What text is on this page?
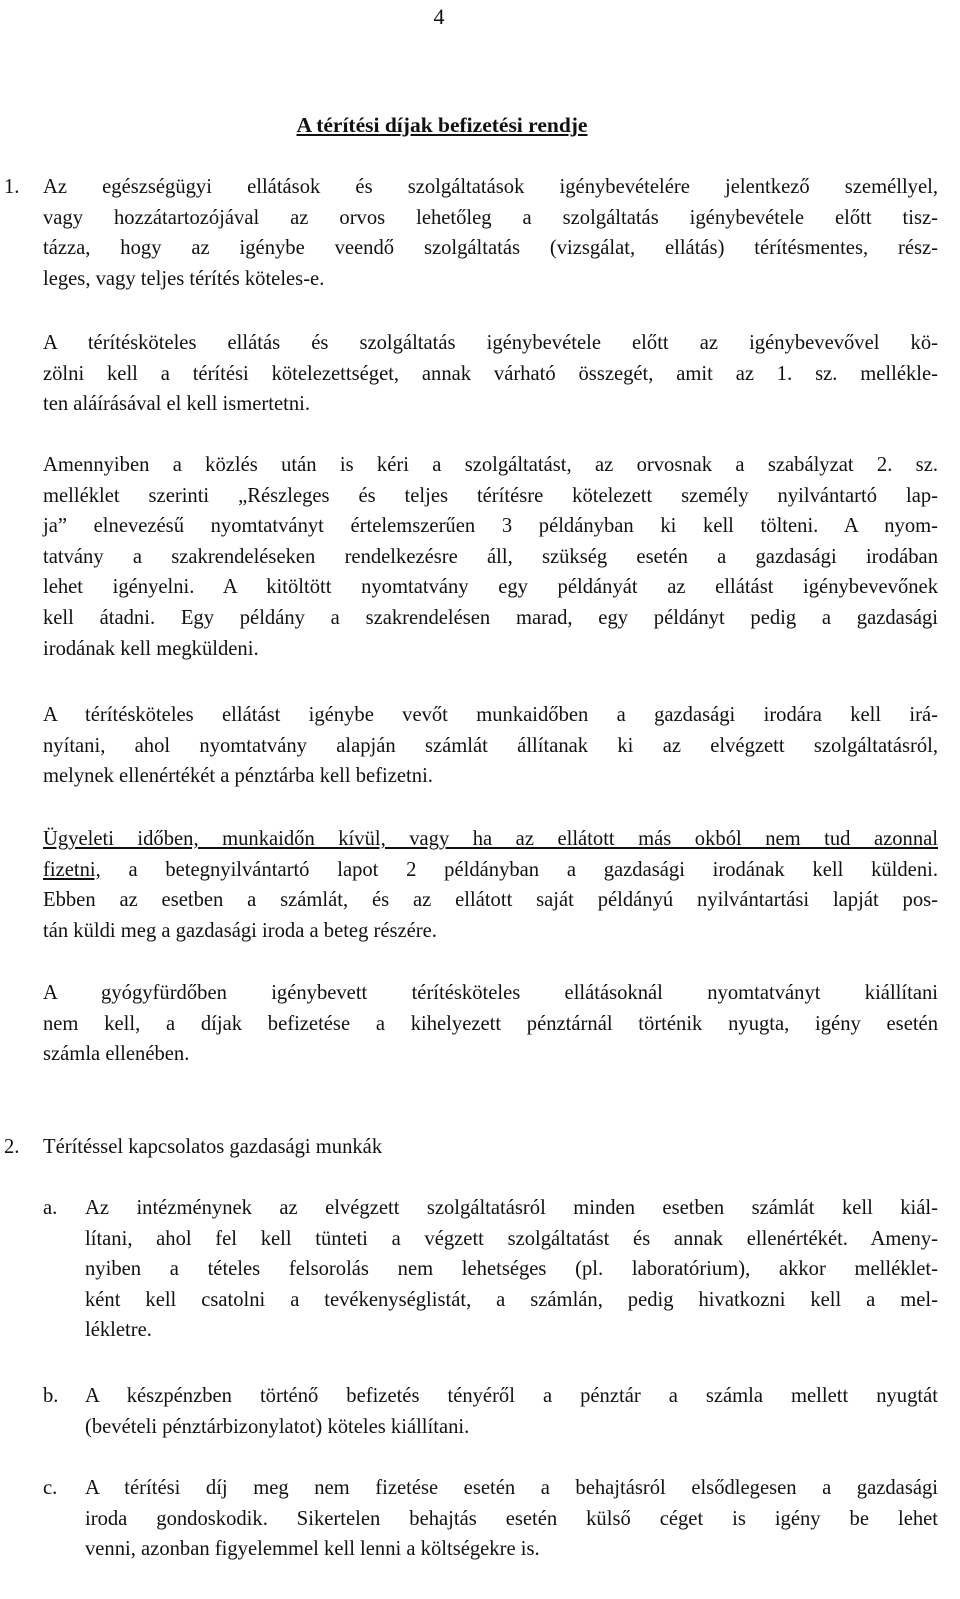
4
A térítési díjak befizetési rendje
1. Az egészségügyi ellátások és szolgáltatások igénybevételére jelentkező személlyel,
vagy hozzátartozójával az orvos lehetőleg a szolgáltatás igénybevétele előtt tisz-
tázza, hogy az igénybe veendő szolgáltatás (vizsgálat, ellátás) térítésmentes, rész-
leges, vagy teljes térítés köteles-e.
A térítésköteles ellátás és szolgáltatás igénybevétele előtt az igénybevevővel kö-
zölni kell a térítési kötelezettséget, annak várható összegét, amit az 1. sz. mellékle-
ten aláírásával el kell ismertetni.
Amennyiben a közlés után is kéri a szolgáltatást, az orvosnak a szabályzat 2. sz.
melléklet szerinti „Részleges és teljes térítésre kötelezett személy nyilvántartó lap-
ja” elnevezésű nyomtatványt értelemszerűen 3 példányban ki kell tölteni. A nyom-
tatvány a szakrendeléseken rendelkezésre áll, szükség esetén a gazdasági irodában
lehet igényelni. A kitöltött nyomtatvány egy példányát az ellátást igénybevevőnek
kell átadni. Egy példány a szakrendelésen marad, egy példányt pedig a gazdasági
irodának kell megküldeni.
A térítésköteles ellátást igénybe vevőt munkaidőben a gazdasági irodára kell irá-
nyítani, ahol nyomtatvány alapján számlát állítanak ki az elvégzett szolgáltatásról,
melynek ellenértékét a pénztárba kell befizetni.
Ügyeleti időben, munkaidőn kívül, vagy ha az ellátott más okból nem tud azonnal
fizetni, a betegnyilvántartó lapot 2 példányban a gazdasági irodának kell küldeni.
Ebben az esetben a számlát, és az ellátott saját példányú nyilvántartási lapját pos-
tán küldi meg a gazdasági iroda a beteg részére.
A gyógyfürdőben igénybevett térítésköteles ellátásoknál nyomtatványt kiállítani
nem kell, a díjak befizetése a kihelyezett pénztárnál történik nyugta, igény esetén
számla ellenében.
2. Térítéssel kapcsolatos gazdasági munkák
a. Az intézménynek az elvégzett szolgáltatásról minden esetben számlát kell kiál-
lítani, ahol fel kell tünteti a végzett szolgáltatást és annak ellenértékét. Ameny-
nyiben a tételes felsorolás nem lehetséges (pl. laboratórium), akkor melléklet-
ként kell csatolni a tevékenységlistát, a számlán, pedig hivatkozni kell a mel-
lékletre.
b. A készpénzben történő befizetés tényéről a pénztár a számla mellett nyugtát
(bevételi pénztárbizonylatot) köteles kiállítani.
c. A térítési díj meg nem fizetése esetén a behajtásról elsődlegesen a gazdasági
iroda gondoskodik. Sikertelen behajtás esetén külső céget is igény be lehet
venni, azonban figyelemmel kell lenni a költségekre is.
